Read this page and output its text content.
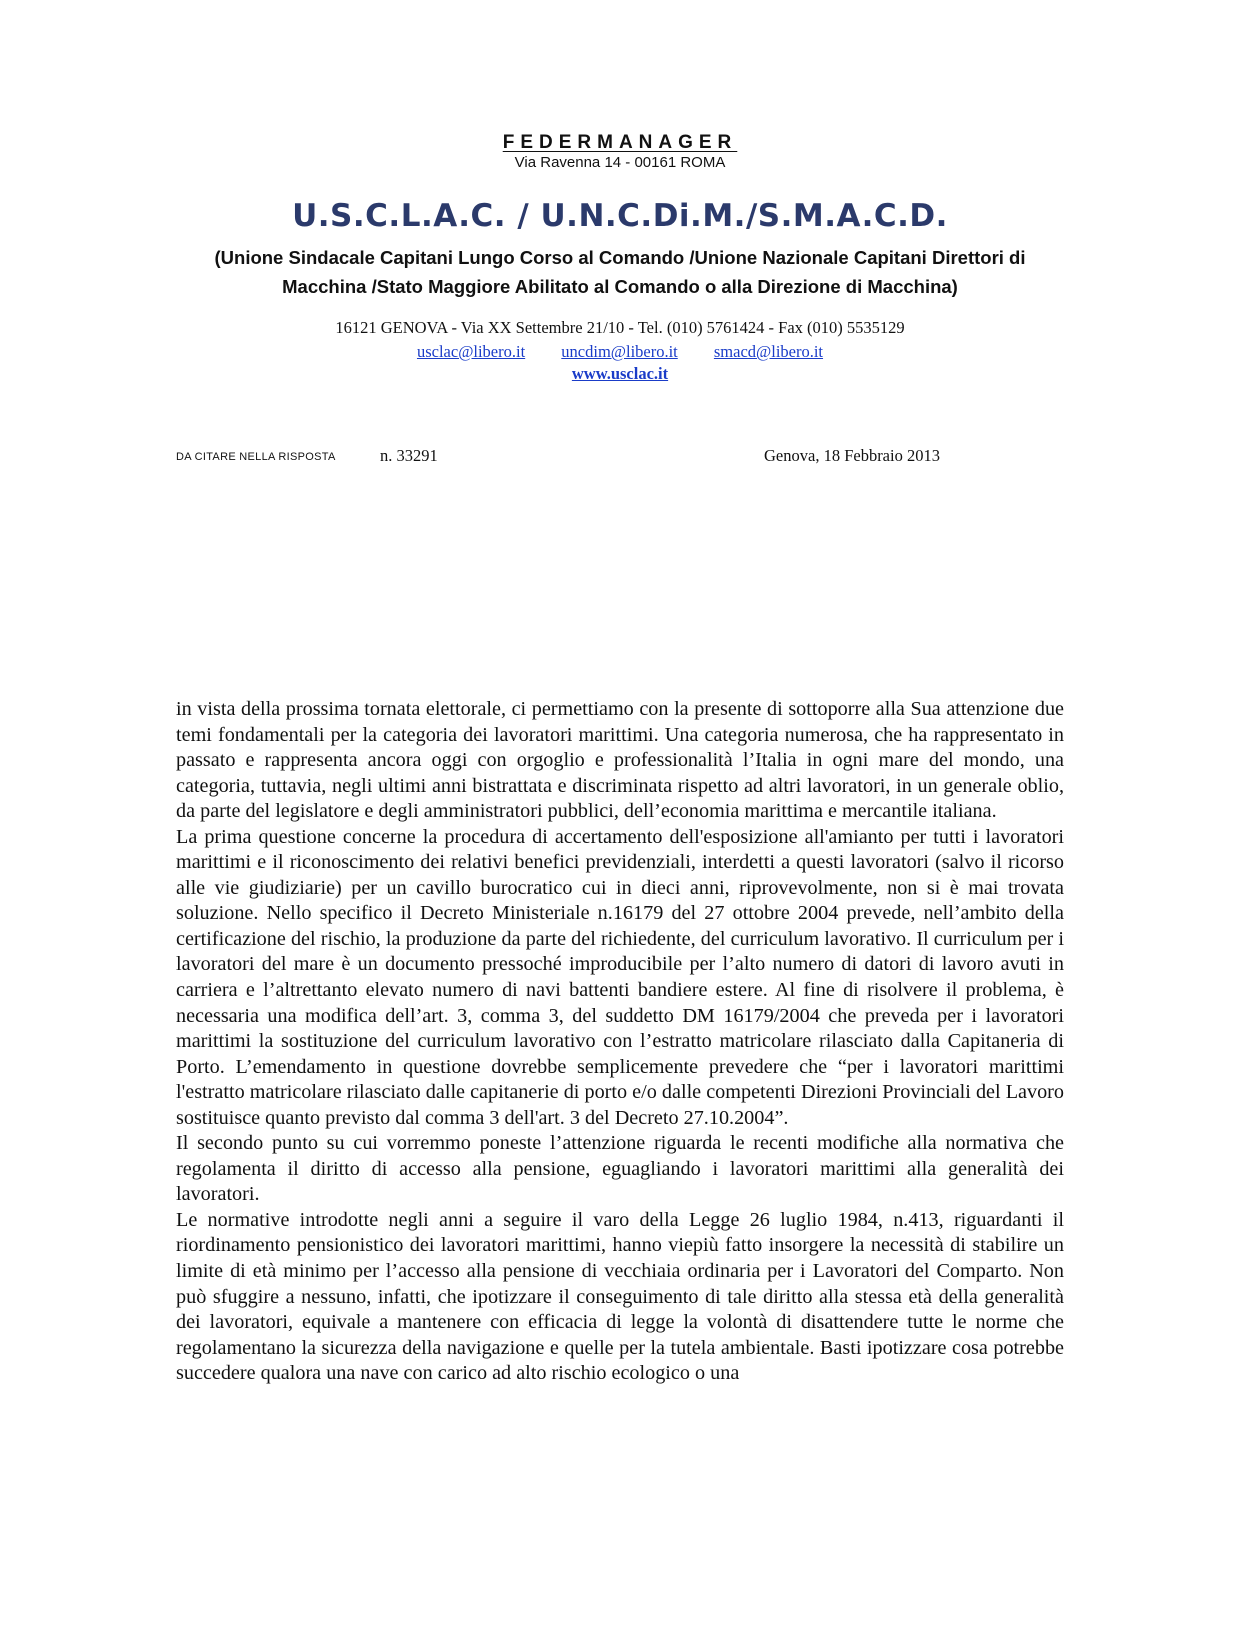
FEDERMANAGER
Via Ravenna 14 - 00161 ROMA
U.S.C.L.A.C. / U.N.C.Di.M./S.M.A.C.D.
(Unione Sindacale Capitani Lungo Corso al Comando /Unione Nazionale Capitani Direttori di
Macchina /Stato Maggiore Abilitato al Comando o alla Direzione di Macchina)
16121 GENOVA - Via XX Settembre 21/10 - Tel. (010) 5761424 - Fax (010) 5535129
usclac@libero.it uncdim@libero.it smacd@libero.it
www.usclac.it
DA CITARE NELLA RISPOSTA	n. 33291	Genova, 18 Febbraio 2013

in vista della prossima tornata elettorale, ci permettiamo con la presente di sottoporre alla Sua attenzione due temi fondamentali per la categoria dei lavoratori marittimi. Una categoria numerosa, che ha rappresentato in passato e rappresenta ancora oggi con orgoglio e professionalità l’Italia in ogni mare del mondo, una categoria, tuttavia, negli ultimi anni bistrattata e discriminata rispetto ad altri lavoratori, in un generale oblio, da parte del legislatore e degli amministratori pubblici, dell’economia marittima e mercantile italiana.

La prima questione concerne la procedura di accertamento dell'esposizione all'amianto per tutti i lavoratori marittimi e il riconoscimento dei relativi benefici previdenziali, interdetti a questi lavoratori (salvo il ricorso alle vie giudiziarie) per un cavillo burocratico cui in dieci anni, riprovevolmente, non si è mai trovata soluzione. Nello specifico il Decreto Ministeriale n.16179 del 27 ottobre 2004 prevede, nell’ambito della certificazione del rischio, la produzione da parte del richiedente, del curriculum lavorativo. Il curriculum per i lavoratori del mare è un documento pressoché improducibile per l’alto numero di datori di lavoro avuti in carriera e l’altrettanto elevato numero di navi battenti bandiere estere. Al fine di risolvere il problema, è necessaria una modifica dell’art. 3, comma 3, del suddetto DM 16179/2004 che preveda per i lavoratori marittimi la sostituzione del curriculum lavorativo con l’estratto matricolare rilasciato dalla Capitaneria di Porto. L’emendamento in questione dovrebbe semplicemente prevedere che “per i lavoratori marittimi l'estratto matricolare rilasciato dalle capitanerie di porto e/o dalle competenti Direzioni Provinciali del Lavoro sostituisce quanto previsto dal comma 3 dell'art. 3 del Decreto 27.10.2004”.

Il secondo punto su cui vorremmo poneste l’attenzione riguarda le recenti modifiche alla normativa che regolamenta il diritto di accesso alla pensione, eguagliando i lavoratori marittimi alla generalità dei lavoratori.

Le normative introdotte negli anni a seguire il varo della Legge 26 luglio 1984, n.413, riguardanti il riordinamento pensionistico dei lavoratori marittimi, hanno viepiù fatto insorgere la necessità di stabilire un limite di età minimo per l’accesso alla pensione di vecchiaia ordinaria per i Lavoratori del Comparto. Non può sfuggire a nessuno, infatti, che ipotizzare il conseguimento di tale diritto alla stessa età della generalità dei lavoratori, equivale a mantenere con efficacia di legge la volontà di disattendere tutte le norme che regolamentano la sicurezza della navigazione e quelle per la tutela ambientale. Basti ipotizzare cosa potrebbe succedere qualora una nave con carico ad alto rischio ecologico o una
